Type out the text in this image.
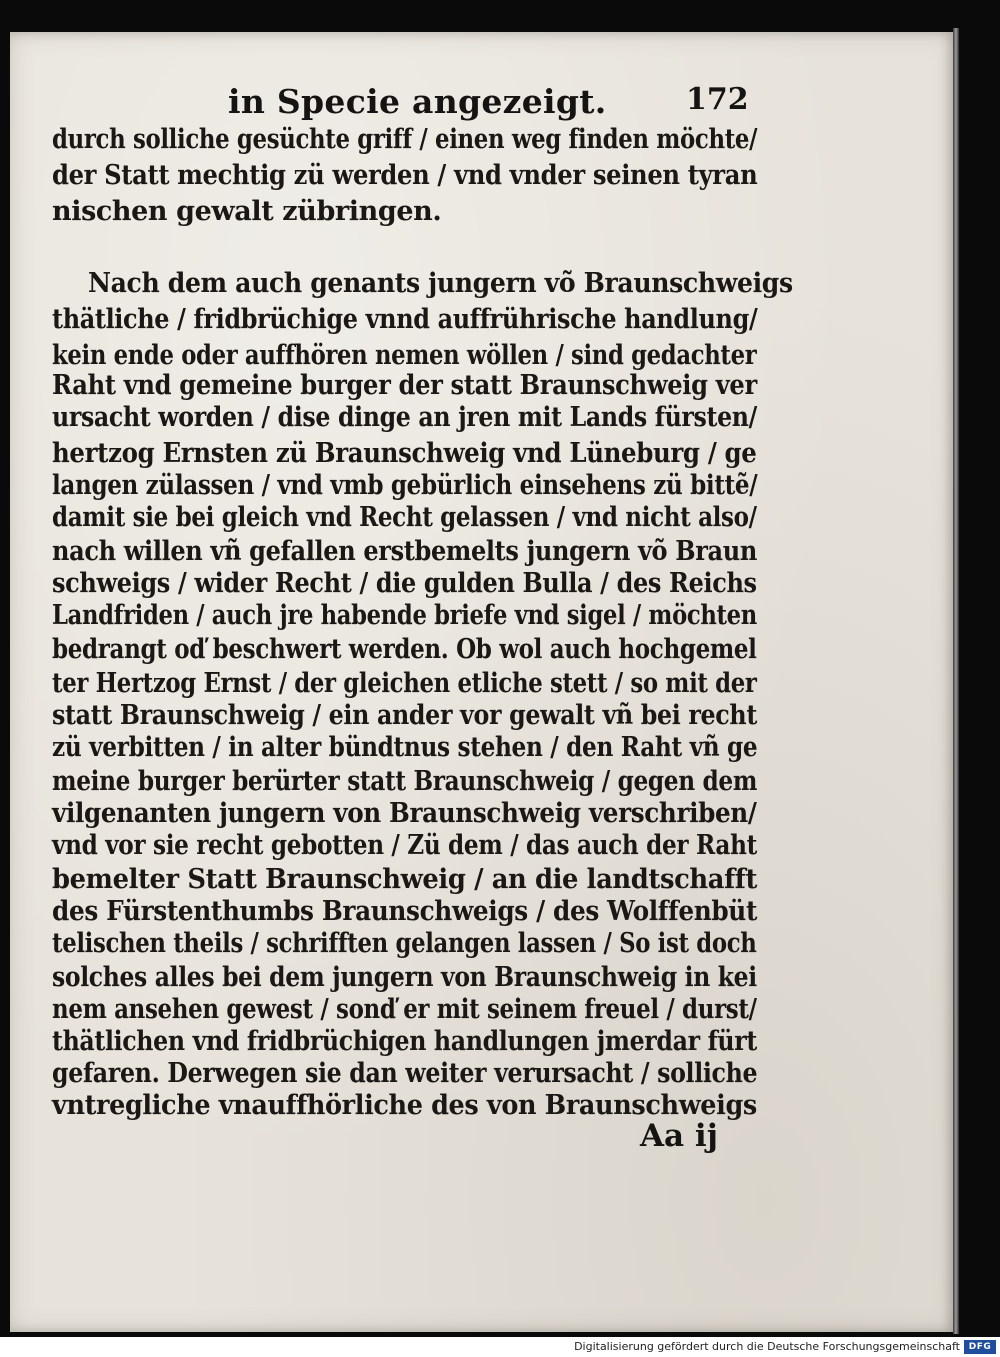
in Specie angezeigt.	172
durch solliche gesüchte griff / einen weg finden möchte/
der Statt mechtig zü werden / vnd vnder seinen tyran
nischen gewalt zübringen.
Nach dem auch genants jungern võ Braunschweigs
thätliche / fridbrüchige vnnd auffrührische handlung/
kein ende oder auffhören nemen wöllen / sind gedachter
Raht vnd gemeine burger der statt Braunschweig ver
ursacht worden / dise dinge an jren mit Lands fürsten/
hertzog Ernsten zü Braunschweig vnd Lüneburg / ge
langen zülassen / vnd vmb gebürlich einsehens zü bittẽ/
damit sie bei gleich vnd Recht gelassen / vnd nicht also/
nach willen vñ gefallen erstbemelts jungern võ Braun
schweigs / wider Recht / die gulden Bulla / des Reichs
Landfriden / auch jre habende briefe vnd sigel / möchten
bedrangt oď beschwert werden. Ob wol auch hochgemel
ter Hertzog Ernst / der gleichen etliche stett / so mit der
statt Braunschweig / ein ander vor gewalt vñ bei recht
zü verbitten / in alter bündtnus stehen / den Raht vñ ge
meine burger berürter statt Braunschweig / gegen dem
vilgenanten jungern von Braunschweig verschriben/
vnd vor sie recht gebotten / Zü dem / das auch der Raht
bemelter Statt Braunschweig / an die landtschafft
des Fürstenthumbs Braunschweigs / des Wolffenbüt
telischen theils / schrifften gelangen lassen / So ist doch
solches alles bei dem jungern von Braunschweig in kei
nem ansehen gewest / sonď er mit seinem freuel / durst/
thätlichen vnd fridbrüchigen handlungen jmerdar fürt
gefaren. Derwegen sie dan weiter verursacht / solliche
vntregliche vnauffhörliche des von Braunschweigs
Aa ij
Digitalisierung gefördert durch die Deutsche Forschungsgemeinschaft DFG
